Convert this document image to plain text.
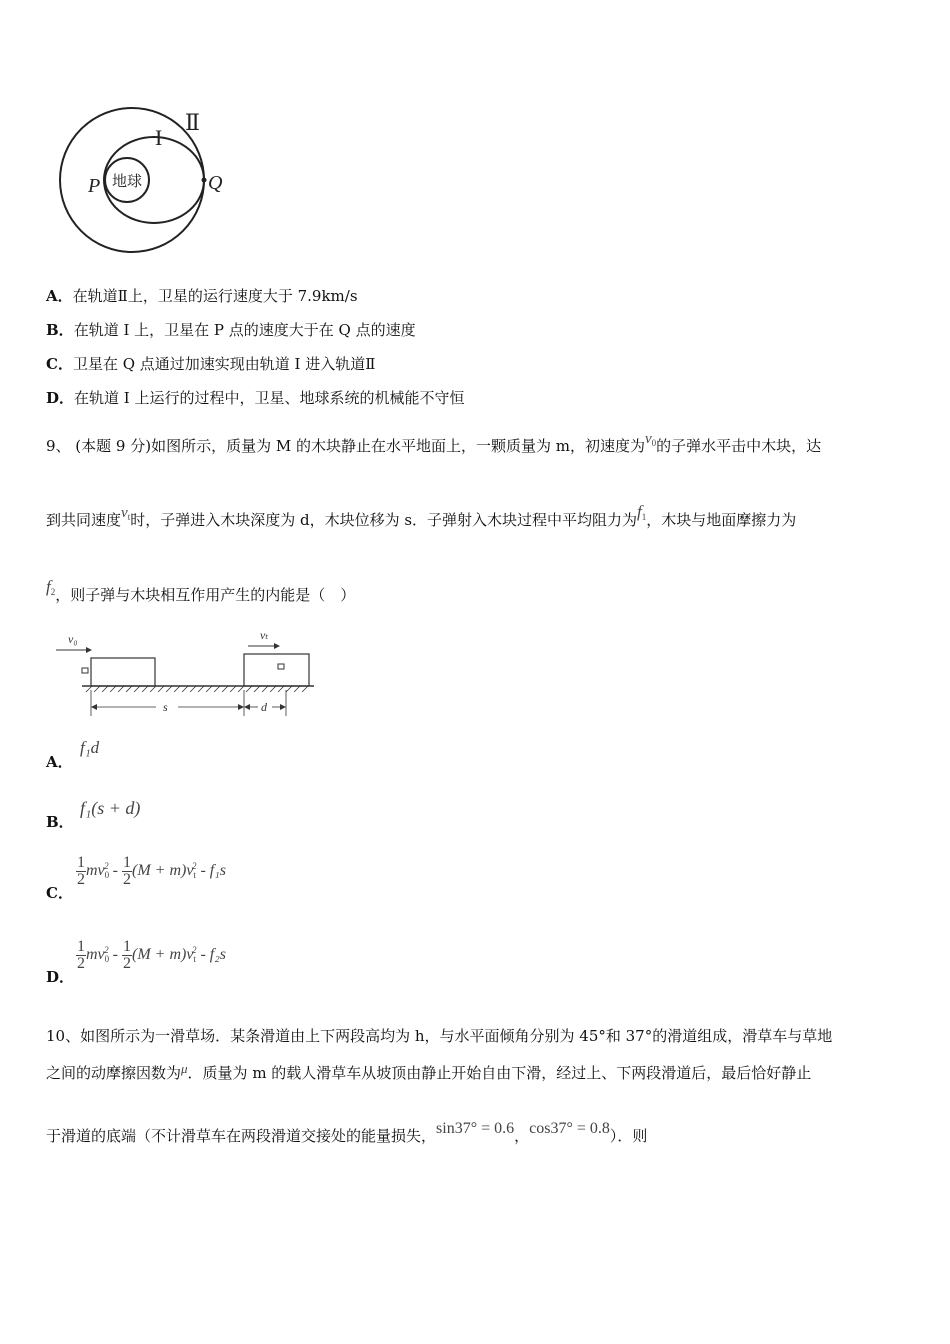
地球
P	Q
I
Ⅱ
A．在轨道Ⅱ上，卫星的运行速度大于 7.9km/s
B．在轨道 I 上，卫星在 P 点的速度大于在 Q 点的速度
C．卫星在 Q 点通过加速实现由轨道 I 进入轨道Ⅱ
D．在轨道 I 上运行的过程中，卫星、地球系统的机械能不守恒
9、 (本题 9 分)如图所示，质量为 M 的木块静止在水平地面上，一颗质量为 m，初速度为$v_0$的子弹水平击中木块，达
到共同速度$v_t$时，子弹进入木块深度为 d，木块位移为 s．子弹射入木块过程中平均阻力为$f_1$，木块与地面摩擦力为
$f_2$，则子弹与木块相互作用产生的内能是（　）
v₀	vₜ
s	d
A．
f₁d
B．
f₁(s + d)
C．
$\frac{1}{2} mv_0^2 - \frac{1}{2} (M + m)v_t^2 - f_1s$
D．
$\frac{1}{2} mv_0^2 - \frac{1}{2} (M + m)v_t^2 - f_2s$
10、如图所示为一滑草场．某条滑道由上下两段高均为 h，与水平面倾角分别为 45°和 37°的滑道组成，滑草车与草地
之间的动摩擦因数为μ．质量为 m 的载人滑草车从坡顶由静止开始自由下滑，经过上、下两段滑道后，最后恰好静止
于滑道的底端（不计滑草车在两段滑道交接处的能量损失，sin37° = 0.6，cos37° = 0.8）．则
